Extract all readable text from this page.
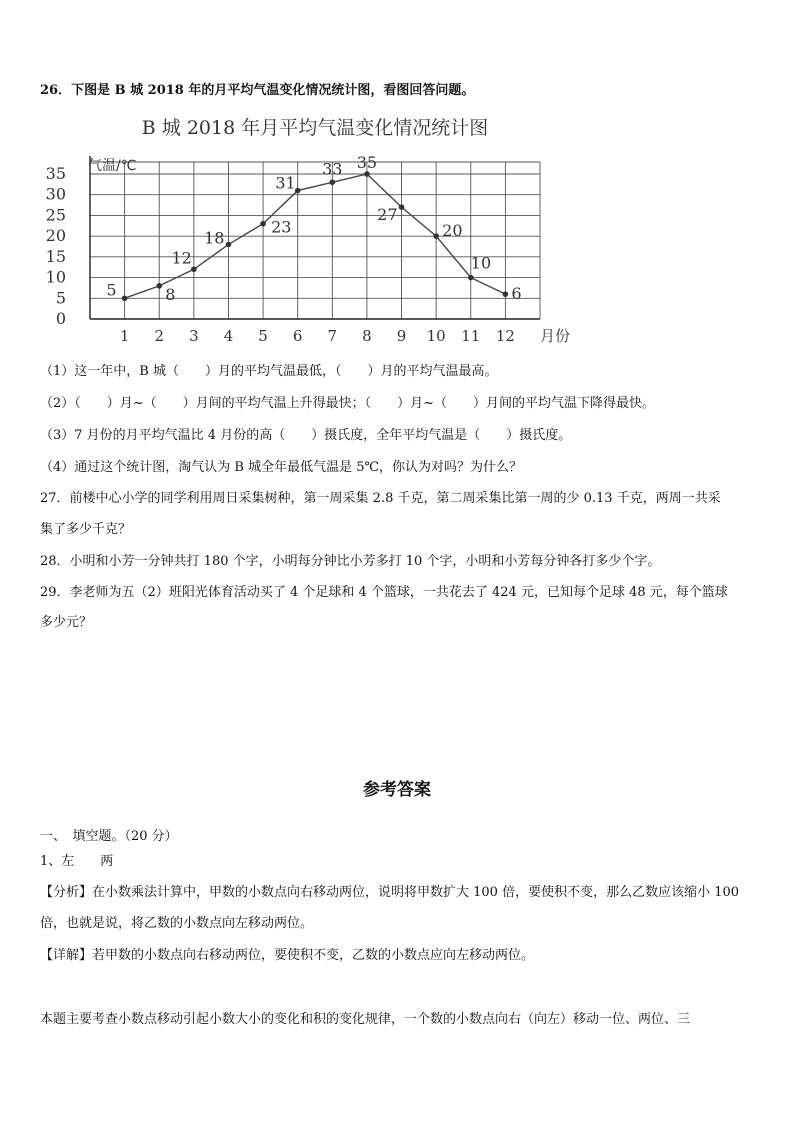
26．下图是 B 城 2018 年的月平均气温变化情况统计图，看图回答问题。
B 城 2018 年月平均气温变化情况统计图
0
5
10
15
20
25
30
35
1 2 3 4 5 6 7 8 9 10 11 12
气温/℃
月份
5	8
12
18
23
31
33 35
27
20
10
6
（1）这一年中，B 城（　　）月的平均气温最低，（　　）月的平均气温最高。
（2）（　　）月~（　　）月间的平均气温上升得最快；（　　）月~（　　）月间的平均气温下降得最快。
（3）7 月份的月平均气温比 4 月份的高（　　）摄氏度，全年平均气温是（　　）摄氏度。
（4）通过这个统计图，淘气认为 B 城全年最低气温是 5℃，你认为对吗？为什么？
27．前楼中心小学的同学利用周日采集树种，第一周采集 2.8 千克，第二周采集比第一周的少 0.13 千克，两周一共采
集了多少千克？
28．小明和小芳一分钟共打 180 个字，小明每分钟比小芳多打 10 个字，小明和小芳每分钟各打多少个字。
29．李老师为五（2）班阳光体育活动买了 4 个足球和 4 个篮球，一共花去了 424 元，已知每个足球 48 元，每个篮球
多少元？
参考答案
一、　填空题。（20 分）
1、左　　两
【分析】在小数乘法计算中，甲数的小数点向右移动两位，说明将甲数扩大 100 倍，要使积不变，那么乙数应该缩小 100
倍，也就是说，将乙数的小数点向左移动两位。
【详解】若甲数的小数点向右移动两位，要使积不变，乙数的小数点应向左移动两位。
本题主要考查小数点移动引起小数大小的变化和积的变化规律，一个数的小数点向右（向左）移动一位、两位、三
